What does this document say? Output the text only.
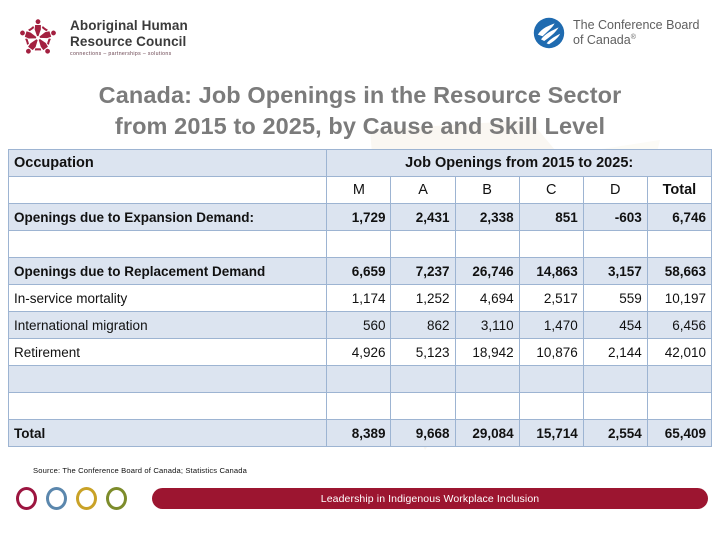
Aboriginal Human
Resource Council
connections – partnerships – solutions
The Conference Board
of Canada®
Canada: Job Openings in the Resource Sector
from 2015 to 2025, by Cause and Skill Level
Occupation	Job Openings from 2015 to 2025:					
	M	A	B	C	D	Total
Openings due to Expansion Demand:	1,729	2,431	2,338	851	-603	6,746

Openings due to Replacement Demand	6,659	7,237	26,746	14,863	3,157	58,663
In-service mortality	1,174	1,252	4,694	2,517	559	10,197
International migration	560	862	3,110	1,470	454	6,456
Retirement	4,926	5,123	18,942	10,876	2,144	42,010

Total	8,389	9,668	29,084	15,714	2,554	65,409
Source: The Conference Board of Canada; Statistics Canada
Leadership in Indigenous Workplace Inclusion
